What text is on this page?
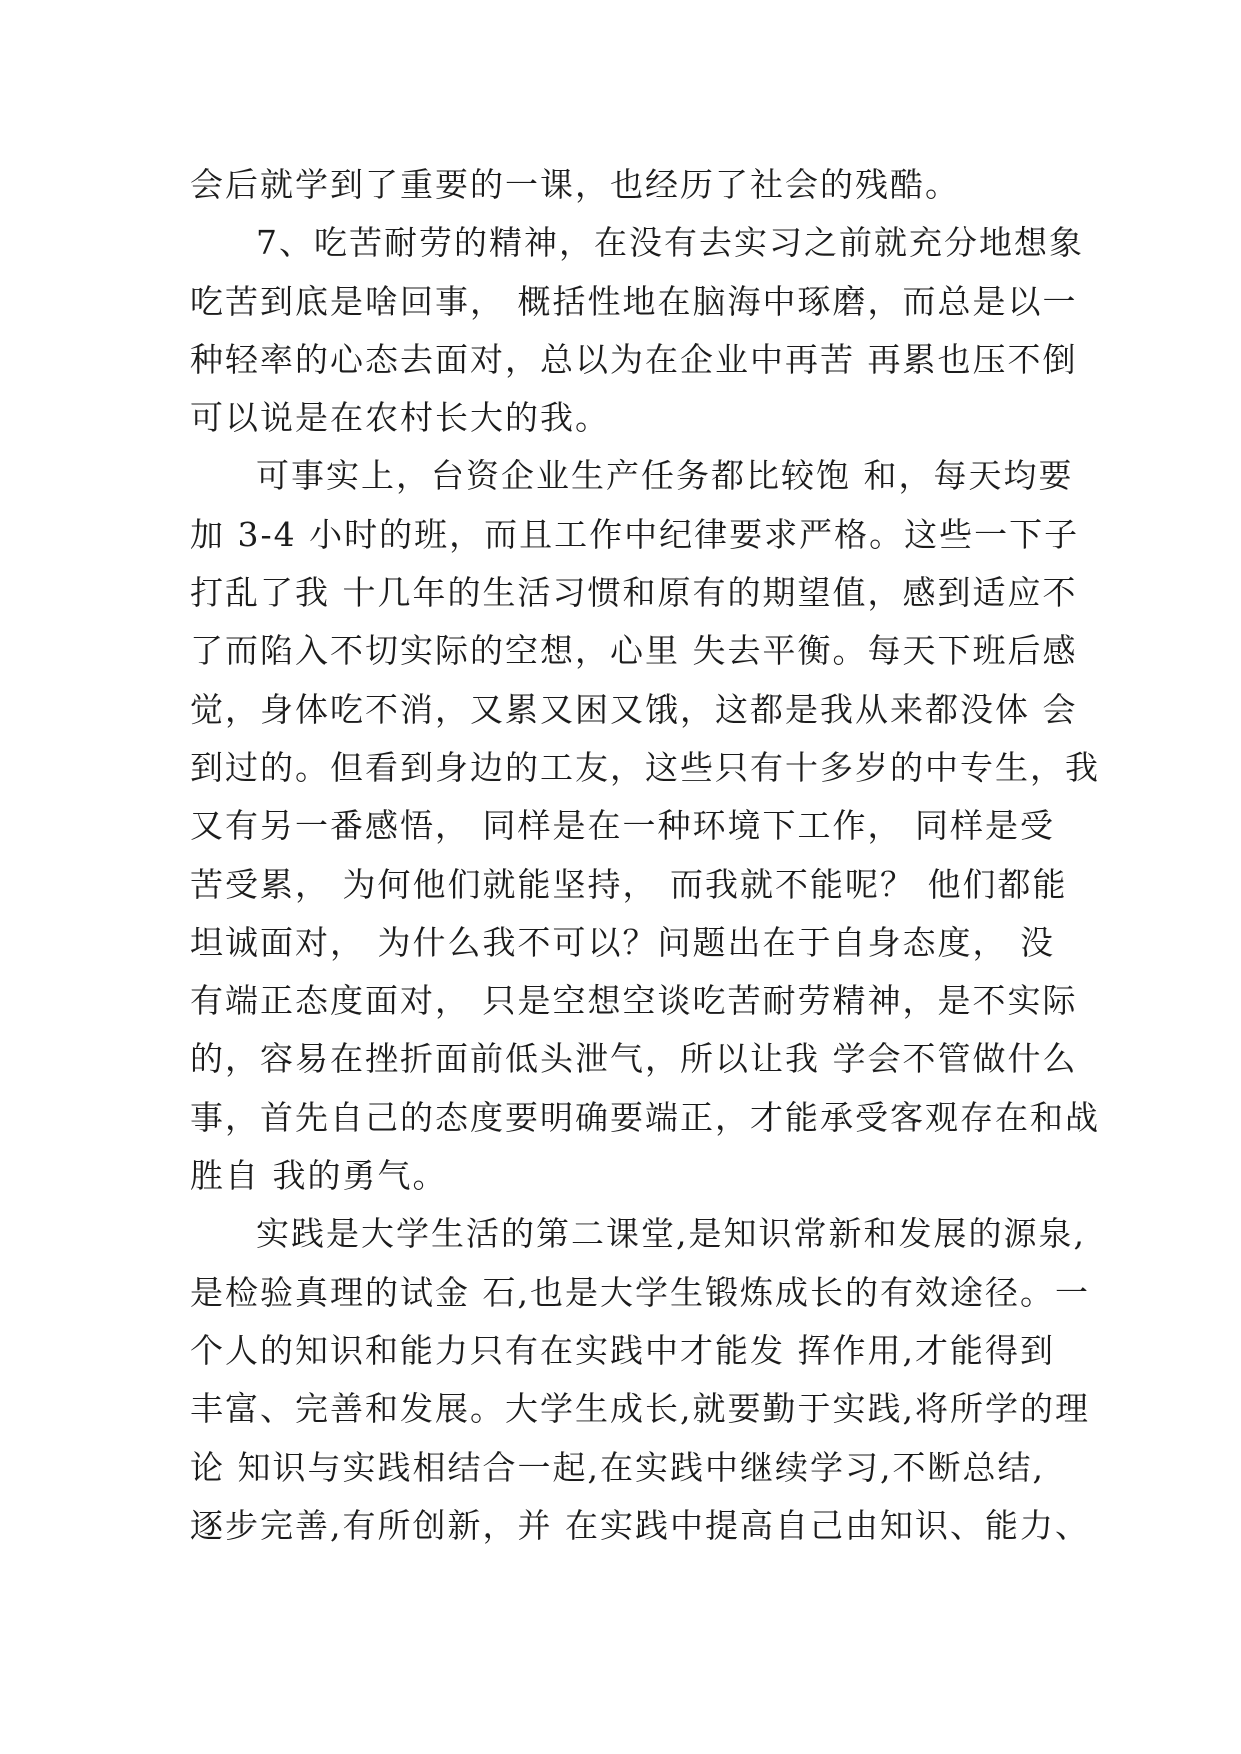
会后就学到了重要的一课，也经历了社会的残酷。
7、吃苦耐劳的精神，在没有去实习之前就充分地想象
吃苦到底是啥回事， 概括性地在脑海中琢磨，而总是以一
种轻率的心态去面对，总以为在企业中再苦 再累也压不倒
可以说是在农村长大的我。
可事实上，台资企业生产任务都比较饱 和，每天均要
加 3-4 小时的班，而且工作中纪律要求严格。这些一下子
打乱了我 十几年的生活习惯和原有的期望值，感到适应不
了而陷入不切实际的空想，心里 失去平衡。每天下班后感
觉，身体吃不消，又累又困又饿，这都是我从来都没体 会
到过的。但看到身边的工友，这些只有十多岁的中专生，我
又有另一番感悟， 同样是在一种环境下工作， 同样是受
苦受累， 为何他们就能坚持， 而我就不能呢？ 他们都能
坦诚面对， 为什么我不可以？问题出在于自身态度， 没
有端正态度面对， 只是空想空谈吃苦耐劳精神，是不实际
的，容易在挫折面前低头泄气，所以让我 学会不管做什么
事，首先自己的态度要明确要端正，才能承受客观存在和战
胜自 我的勇气。
实践是大学生活的第二课堂,是知识常新和发展的源泉,
是检验真理的试金 石,也是大学生锻炼成长的有效途径。一
个人的知识和能力只有在实践中才能发 挥作用,才能得到
丰富、完善和发展。大学生成长,就要勤于实践,将所学的理
论 知识与实践相结合一起,在实践中继续学习,不断总结,
逐步完善,有所创新，并 在实践中提高自己由知识、能力、
